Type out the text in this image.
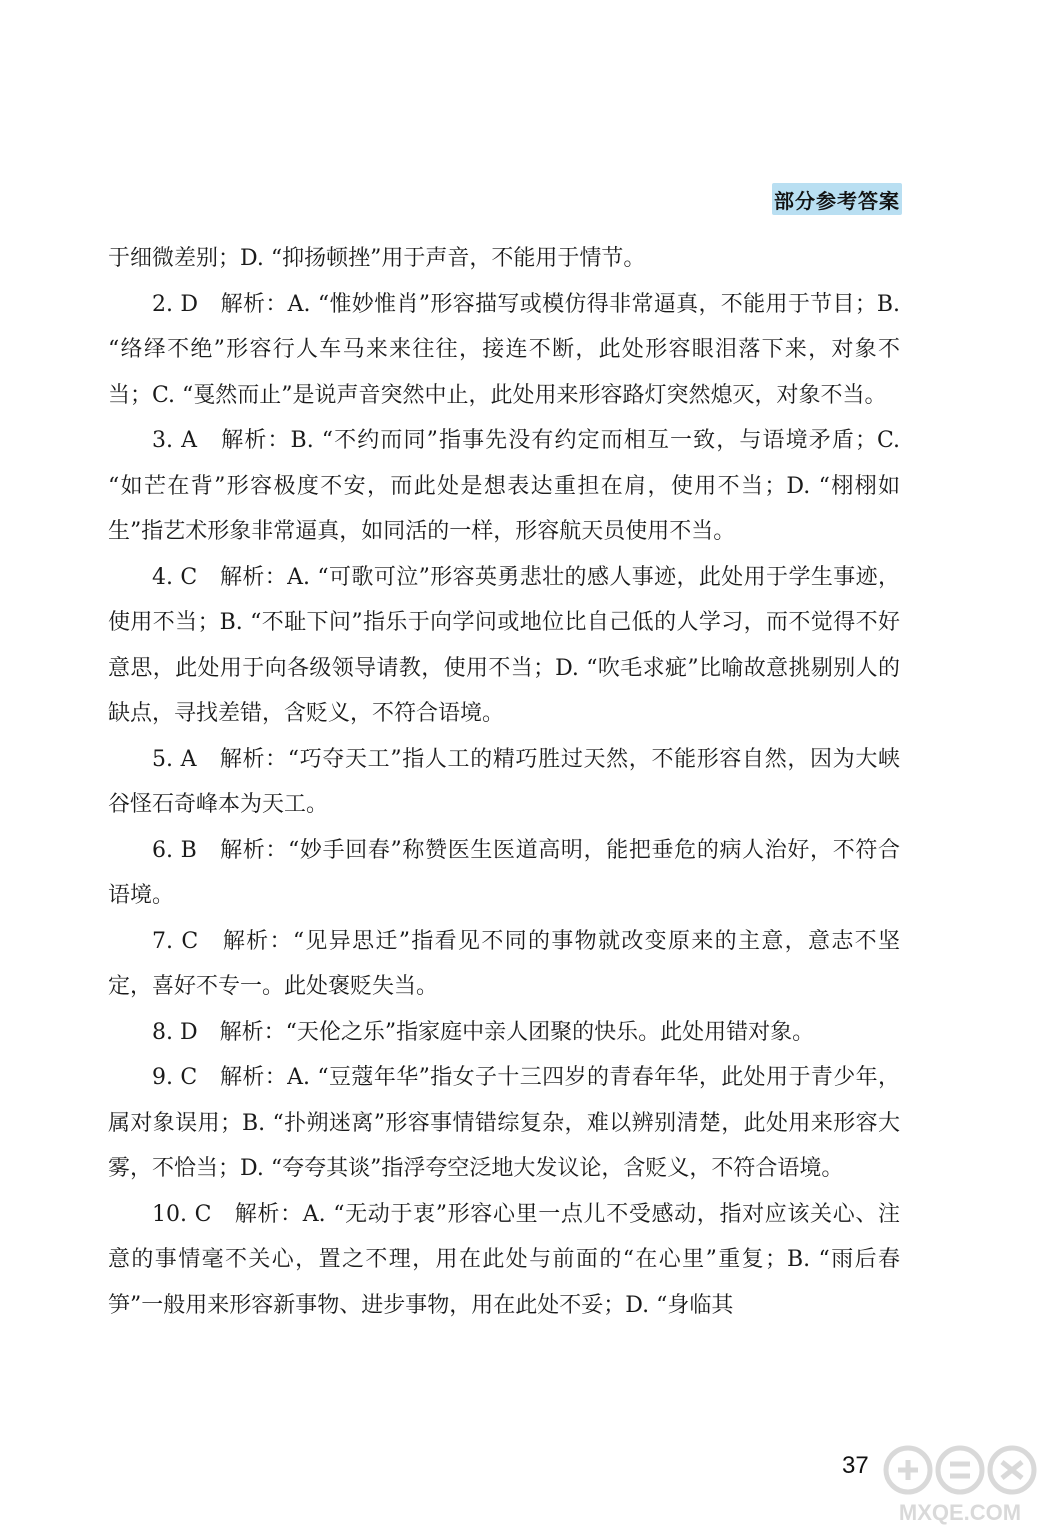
部分参考答案

于细微差别；D. “抑扬顿挫”用于声音，不能用于情节。

2. D　解析：A. “惟妙惟肖”形容描写或模仿得非常逼真，不能用于节目；B. “络绎不绝”形容行人车马来来往往，接连不断，此处形容眼泪落下来，对象不当；C. “戛然而止”是说声音突然中止，此处用来形容路灯突然熄灭，对象不当。

3. A　解析：B. “不约而同”指事先没有约定而相互一致，与语境矛盾；C. “如芒在背”形容极度不安，而此处是想表达重担在肩，使用不当；D. “栩栩如生”指艺术形象非常逼真，如同活的一样，形容航天员使用不当。

4. C　解析：A. “可歌可泣”形容英勇悲壮的感人事迹，此处用于学生事迹，使用不当；B. “不耻下问”指乐于向学问或地位比自己低的人学习，而不觉得不好意思，此处用于向各级领导请教，使用不当；D. “吹毛求疵”比喻故意挑剔别人的缺点，寻找差错，含贬义，不符合语境。

5. A　解析：“巧夺天工”指人工的精巧胜过天然，不能形容自然，因为大峡谷怪石奇峰本为天工。

6. B　解析：“妙手回春”称赞医生医道高明，能把垂危的病人治好，不符合语境。

7. C　解析：“见异思迁”指看见不同的事物就改变原来的主意，意志不坚定，喜好不专一。此处褒贬失当。

8. D　解析：“天伦之乐”指家庭中亲人团聚的快乐。此处用错对象。

9. C　解析：A. “豆蔻年华”指女子十三四岁的青春年华，此处用于青少年，属对象误用；B. “扑朔迷离”形容事情错综复杂，难以辨别清楚，此处用来形容大雾，不恰当；D. “夸夸其谈”指浮夸空泛地大发议论，含贬义，不符合语境。

10. C　解析：A. “无动于衷”形容心里一点儿不受感动，指对应该关心、注意的事情毫不关心，置之不理，用在此处与前面的“在心里”重复；B. “雨后春笋”一般用来形容新事物、进步事物，用在此处不妥；D. “身临其

37
MXQE.COM
